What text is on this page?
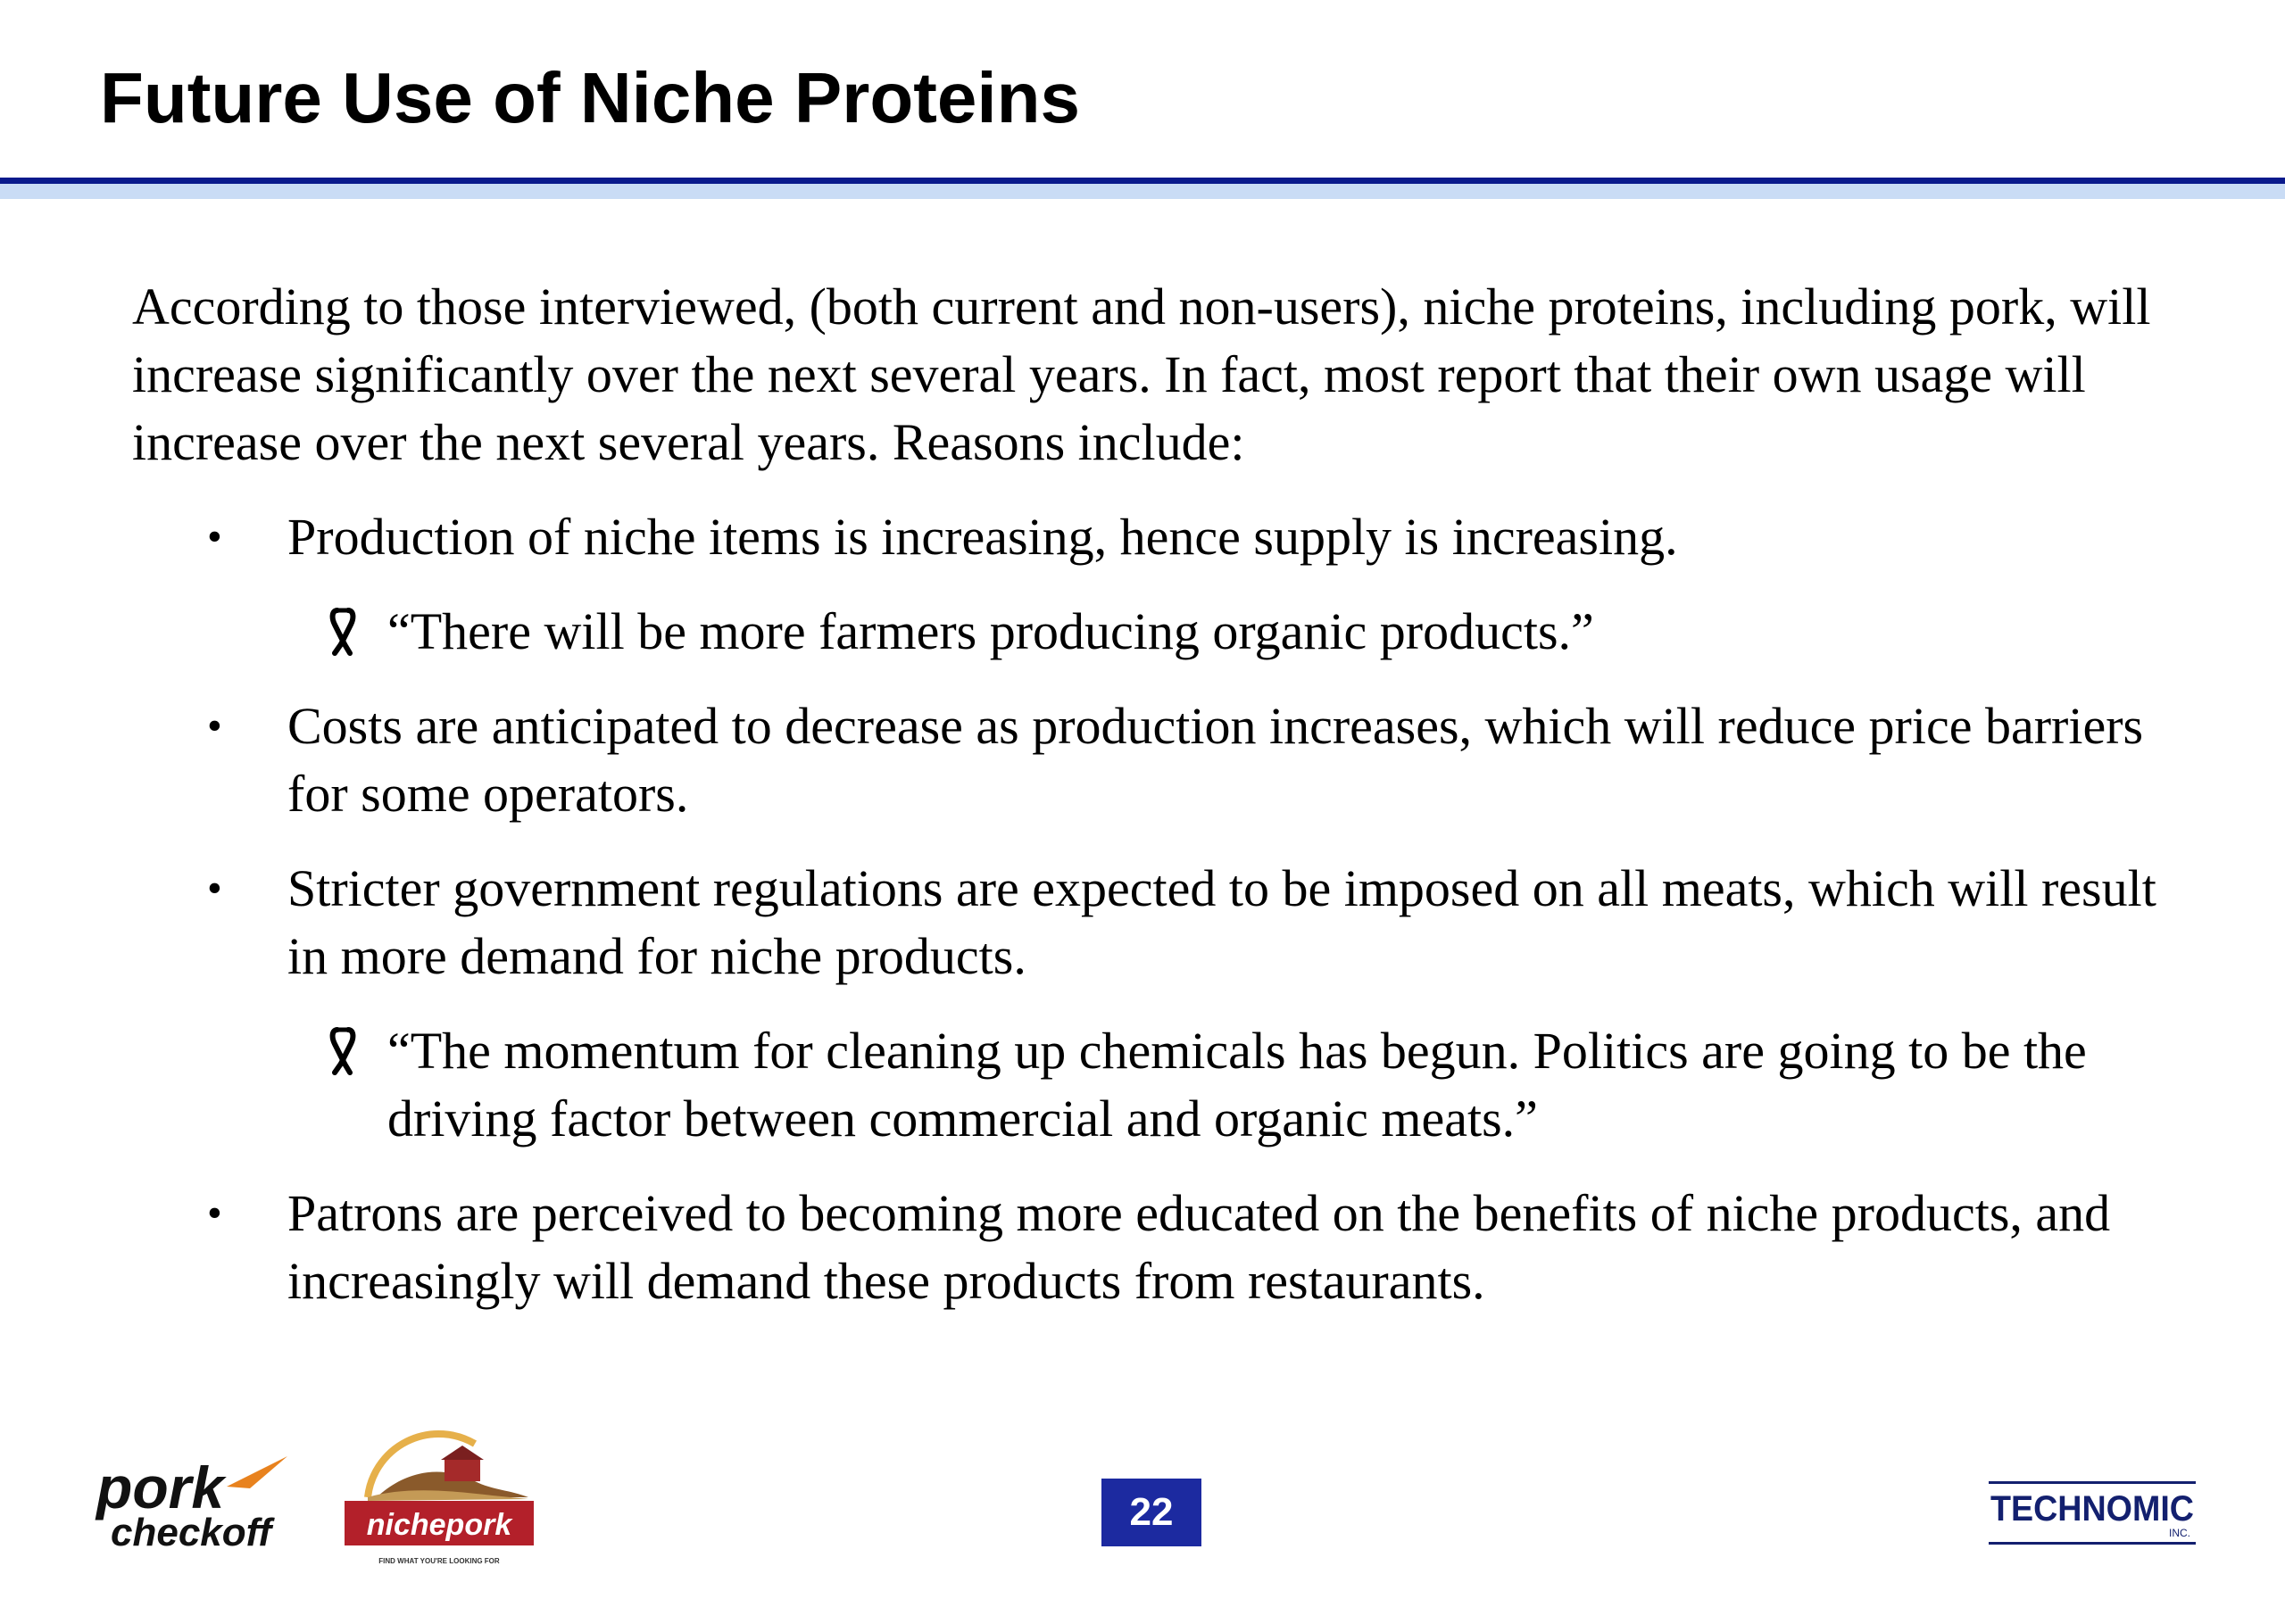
Future Use of Niche Proteins

According to those interviewed, (both current and non-users), niche proteins, including pork, will increase significantly over the next several years. In fact, most report that their own usage will increase over the next several years. Reasons include:

• Production of niche items is increasing, hence supply is increasing.
“There will be more farmers producing organic products.”
• Costs are anticipated to decrease as production increases, which will reduce price barriers for some operators.
• Stricter government regulations are expected to be imposed on all meats, which will result in more demand for niche products.
“The momentum for cleaning up chemicals has begun. Politics are going to be the driving factor between commercial and organic meats.”
• Patrons are perceived to becoming more educated on the benefits of niche products, and increasingly will demand these products from restaurants.
pork
checkoff	nichepork
FIND WHAT YOU'RE LOOKING FOR
22	TECHNOMIC
INC.
